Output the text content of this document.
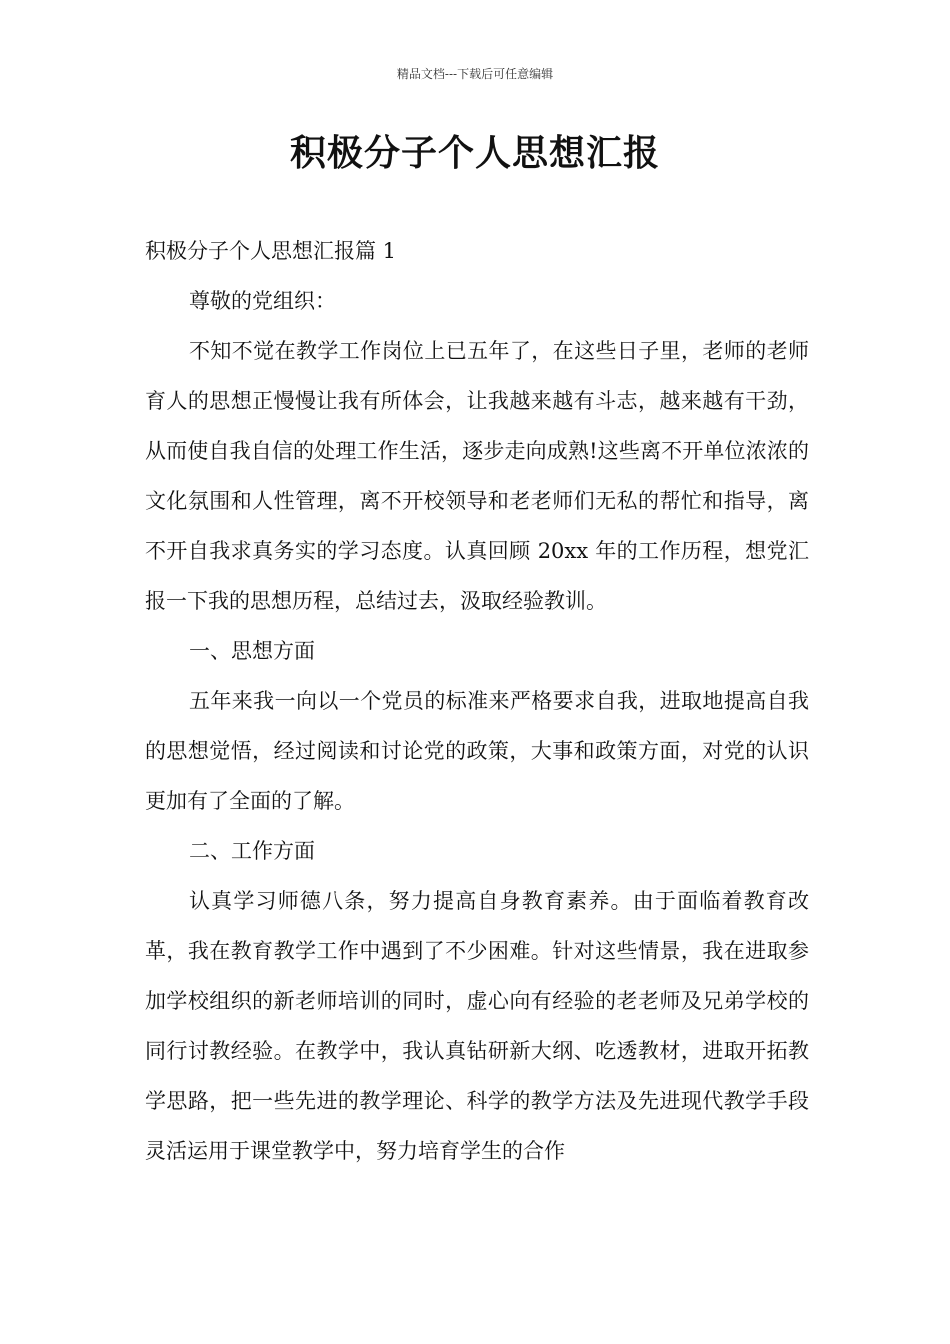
精品文档---下载后可任意编辑
积极分子个人思想汇报

积极分子个人思想汇报篇 1

尊敬的党组织：

不知不觉在教学工作岗位上已五年了，在这些日子里，老师的老师育人的思想正慢慢让我有所体会，让我越来越有斗志，越来越有干劲，从而使自我自信的处理工作生活，逐步走向成熟!这些离不开单位浓浓的文化氛围和人性管理，离不开校领导和老老师们无私的帮忙和指导，离不开自我求真务实的学习态度。认真回顾 20xx 年的工作历程，想党汇报一下我的思想历程，总结过去，汲取经验教训。

一、思想方面

五年来我一向以一个党员的标准来严格要求自我，进取地提高自我的思想觉悟，经过阅读和讨论党的政策，大事和政策方面，对党的认识更加有了全面的了解。

二、工作方面

认真学习师德八条，努力提高自身教育素养。由于面临着教育改革，我在教育教学工作中遇到了不少困难。针对这些情景，我在进取参加学校组织的新老师培训的同时，虚心向有经验的老老师及兄弟学校的同行讨教经验。在教学中，我认真钻研新大纲、吃透教材，进取开拓教学思路，把一些先进的教学理论、科学的教学方法及先进现代教学手段灵活运用于课堂教学中，努力培育学生的合作
